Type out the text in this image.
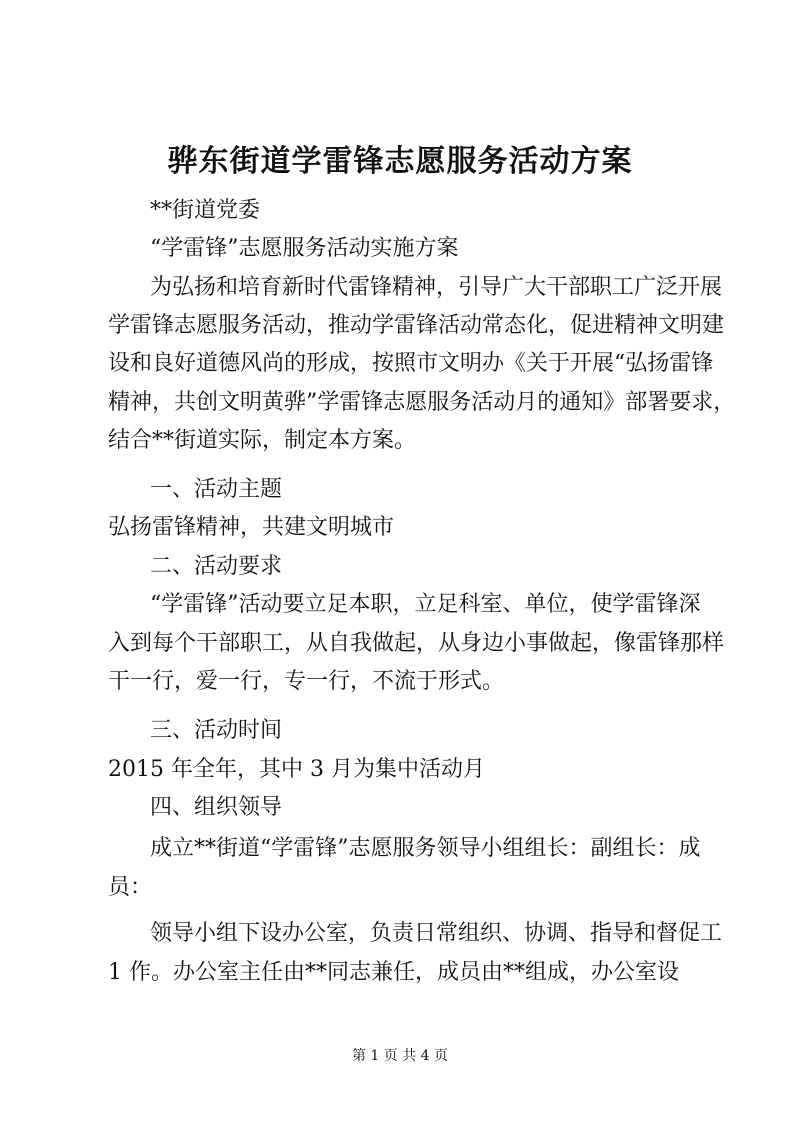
骅东街道学雷锋志愿服务活动方案
**街道党委
“学雷锋”志愿服务活动实施方案
为弘扬和培育新时代雷锋精神，引导广大干部职工广泛开展
学雷锋志愿服务活动，推动学雷锋活动常态化，促进精神文明建
设和良好道德风尚的形成，按照市文明办《关于开展“弘扬雷锋
精神，共创文明黄骅”学雷锋志愿服务活动月的通知》部署要求，
结合**街道实际，制定本方案。
一、活动主题
弘扬雷锋精神，共建文明城市
二、活动要求
“学雷锋”活动要立足本职，立足科室、单位，使学雷锋深
入到每个干部职工，从自我做起，从身边小事做起，像雷锋那样
干一行，爱一行，专一行，不流于形式。
三、活动时间
2015 年全年，其中 3 月为集中活动月
四、组织领导
成立**街道“学雷锋”志愿服务领导小组组长：副组长：成
员：
领导小组下设办公室，负责日常组织、协调、指导和督促工
1 作。办公室主任由**同志兼任，成员由**组成，办公室设
第 1 页 共 4 页
